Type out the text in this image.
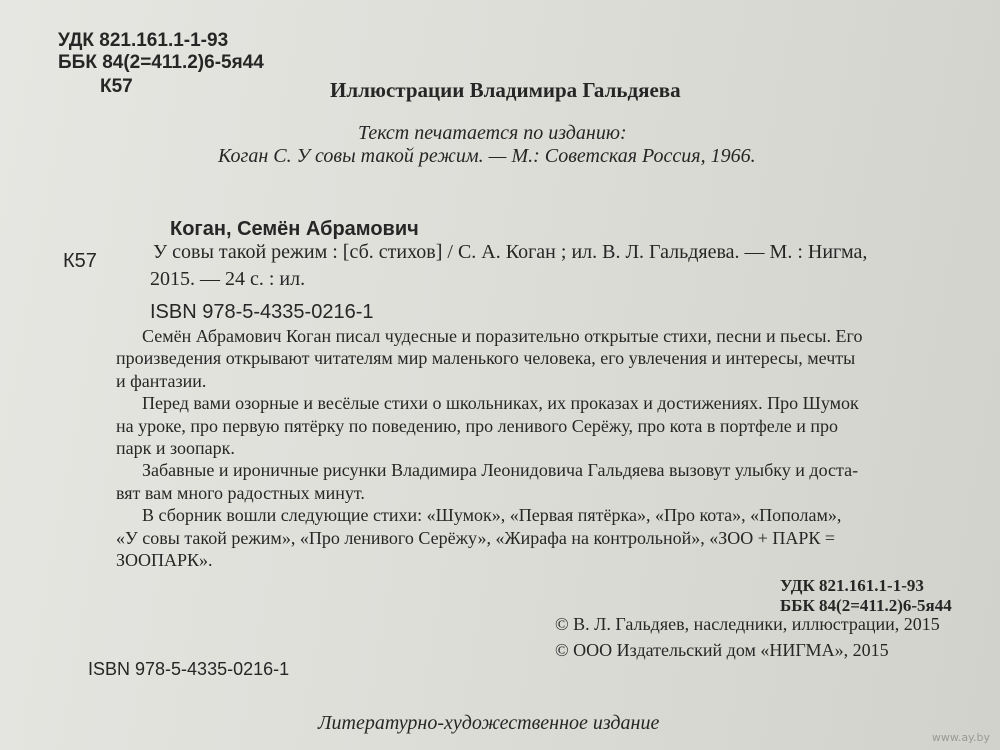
УДК 821.161.1-1-93
ББК 84(2=411.2)6-5я44
К57	Иллюстрации Владимира Гальдяева
Текст печатается по изданию:
Коган С. У совы такой режим. — М.: Советская Россия, 1966.
Коган, Семён Абрамович
К57	У совы такой режим : [сб. стихов] / С. А. Коган ; ил. В. Л. Гальдяева. — М. : Нигма,
2015. — 24 с. : ил.
ISBN 978-5-4335-0216-1
Семён Абрамович Коган писал чудесные и поразительно открытые стихи, песни и пьесы. Его
произведения открывают читателям мир маленького человека, его увлечения и интересы, мечты
и фантазии.
Перед вами озорные и весёлые стихи о школьниках, их проказах и достижениях. Про Шумок
на уроке, про первую пятёрку по поведению, про ленивого Серёжу, про кота в портфеле и про
парк и зоопарк.
Забавные и ироничные рисунки Владимира Леонидовича Гальдяева вызовут улыбку и доста-
вят вам много радостных минут.
В сборник вошли следующие стихи: «Шумок», «Первая пятёрка», «Про кота», «Пополам»,
«У совы такой режим», «Про ленивого Серёжу», «Жирафа на контрольной», «ЗОО + ПАРК =
ЗООПАРК».
УДК 821.161.1-1-93
ББК 84(2=411.2)6-5я44
© В. Л. Гальдяев, наследники, иллюстрации, 2015
© ООО Издательский дом «НИГМА», 2015
ISBN 978-5-4335-0216-1
Литературно-художественное издание
www.ay.by
